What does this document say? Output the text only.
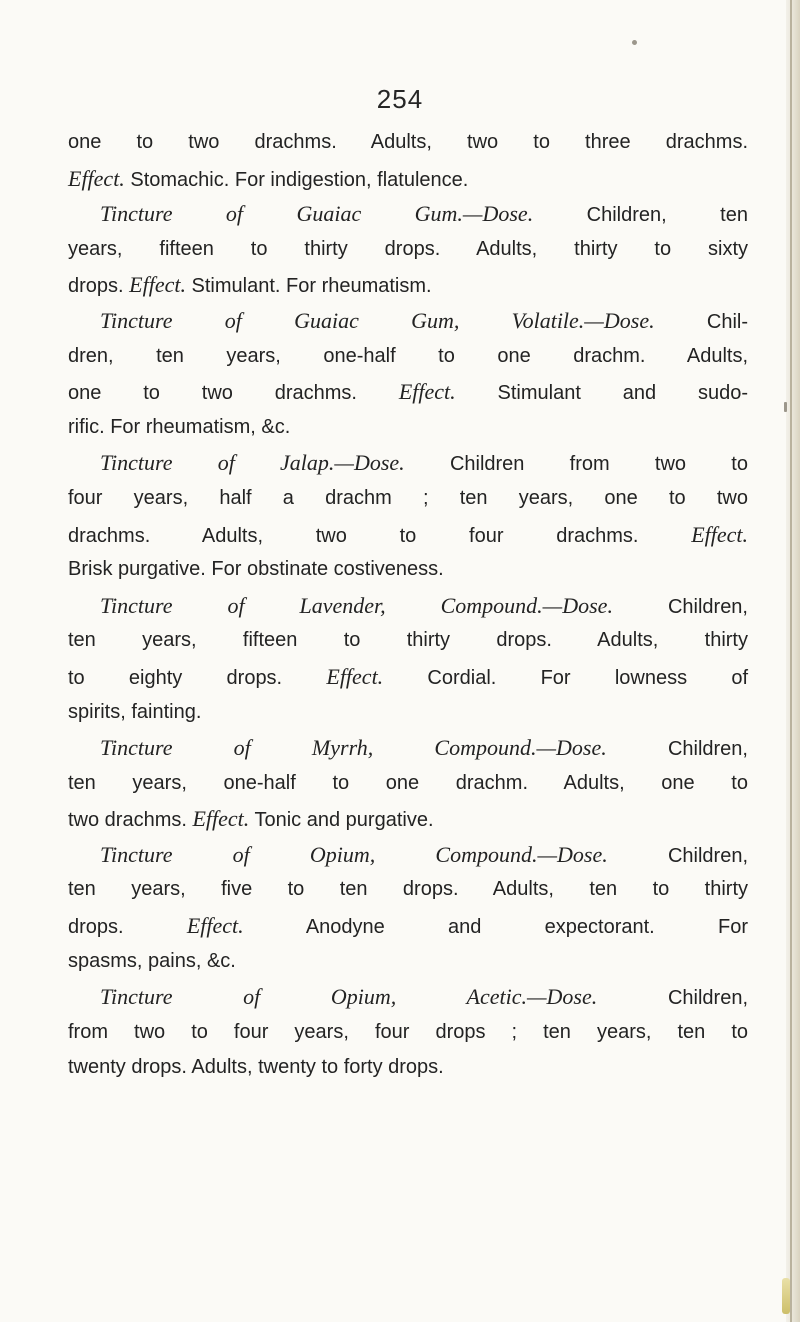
254
one to two drachms. Adults, two to three drachms.
Effect. Stomachic. For indigestion, flatulence.
Tincture of Guaiac Gum.—Dose. Children, ten
years, fifteen to thirty drops. Adults, thirty to sixty
drops. Effect. Stimulant. For rheumatism.
Tincture of Guaiac Gum, Volatile.—Dose. Chil-
dren, ten years, one-half to one drachm. Adults,
one to two drachms. Effect. Stimulant and sudo-
rific. For rheumatism, &c.
Tincture of Jalap.—Dose. Children from two to
four years, half a drachm ; ten years, one to two
drachms. Adults, two to four drachms. Effect.
Brisk purgative. For obstinate costiveness.
Tincture of Lavender, Compound.—Dose. Children,
ten years, fifteen to thirty drops. Adults, thirty
to eighty drops. Effect. Cordial. For lowness of
spirits, fainting.
Tincture of Myrrh, Compound.—Dose. Children,
ten years, one-half to one drachm. Adults, one to
two drachms. Effect. Tonic and purgative.
Tincture of Opium, Compound.—Dose. Children,
ten years, five to ten drops. Adults, ten to thirty
drops. Effect. Anodyne and expectorant. For
spasms, pains, &c.
Tincture of Opium, Acetic.—Dose. Children,
from two to four years, four drops ; ten years, ten to
twenty drops. Adults, twenty to forty drops.
